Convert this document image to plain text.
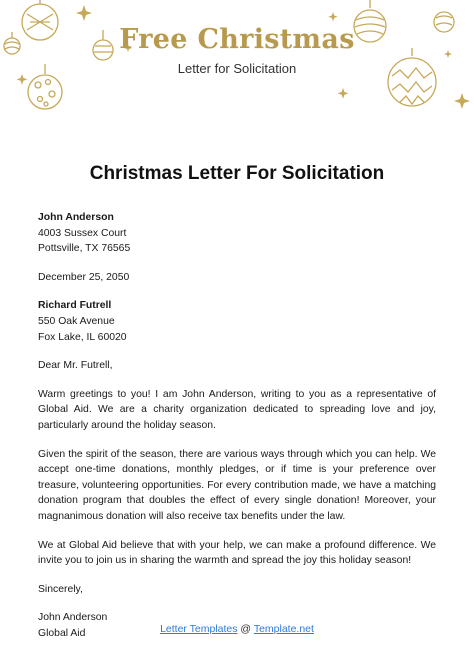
Free Christmas
Letter for Solicitation
Christmas Letter For Solicitation

John Anderson

4003 Sussex Court

Pottsville, TX 76565

December 25, 2050

Richard Futrell

550 Oak Avenue

Fox Lake, IL 60020

Dear Mr. Futrell,

Warm greetings to you! I am John Anderson, writing to you as a representative of Global Aid. We are a charity organization dedicated to spreading love and joy, particularly around the holiday season.

Given the spirit of the season, there are various ways through which you can help. We accept one-time donations, monthly pledges, or if time is your preference over treasure, volunteering opportunities. For every contribution made, we have a matching donation program that doubles the effect of every single donation! Moreover, your magnanimous donation will also receive tax benefits under the law.

We at Global Aid believe that with your help, we can make a profound difference. We invite you to join us in sharing the warmth and spread the joy this holiday season!

Sincerely,

John Anderson

Global Aid	Letter Templates @ Template.net
